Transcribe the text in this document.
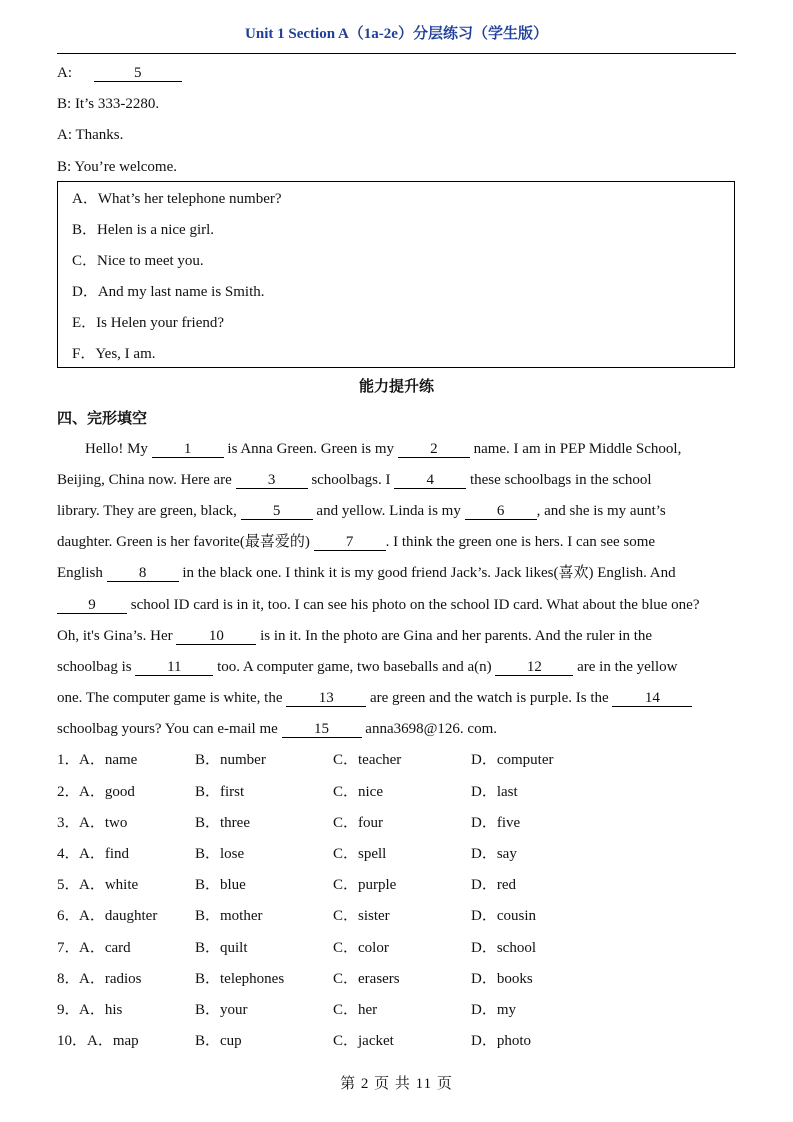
Unit 1 Section A（1a-2e）分层练习（学生版）
A:	5
B: It’s 333-2280.
A: Thanks.
B: You’re welcome.
A．What’s her telephone number?
B．Helen is a nice girl.
C．Nice to meet you.
D．And my last name is Smith.
E．Is Helen your friend?
F．Yes, I am.
能力提升练
四、完形填空
Hello! My 1 is Anna Green. Green is my 2 name. I am in PEP Middle School,
Beijing, China now. Here are 3 schoolbags. I 4 these schoolbags in the school
library. They are green, black, 5 and yellow. Linda is my 6 , and she is my aunt’s
daughter. Green is her favorite(最喜爱的) 7 . I think the green one is hers. I can see some
English 8 in the black one. I think it is my good friend Jack’s. Jack likes(喜欢) English. And
9 school ID card is in it, too. I can see his photo on the school ID card. What about the blue one?
Oh, it's Gina’s. Her 10 is in it. In the photo are Gina and her parents. And the ruler in the
schoolbag is 11 too. A computer game, two baseballs and a(n) 12 are in the yellow
one. The computer game is white, the 13 are green and the watch is purple. Is the 14
schoolbag yours? You can e-mail me 15 anna3698@126. com.
1． A．name	B．number	C．teacher	D．computer
2． A．good	B．first	C．nice	D．last
3． A．two	B．three	C．four	D．five
4． A．find	B．lose	C．spell	D．say
5． A．white	B．blue	C．purple	D．red
6． A．daughter	B．mother	C．sister	D．cousin
7． A．card	B．quilt	C．color	D．school
8． A．radios	B．telephones	C．erasers	D．books
9． A．his	B．your	C．her	D．my
10． A．map	B．cup	C．jacket	D．photo
第 2 页 共 11 页
